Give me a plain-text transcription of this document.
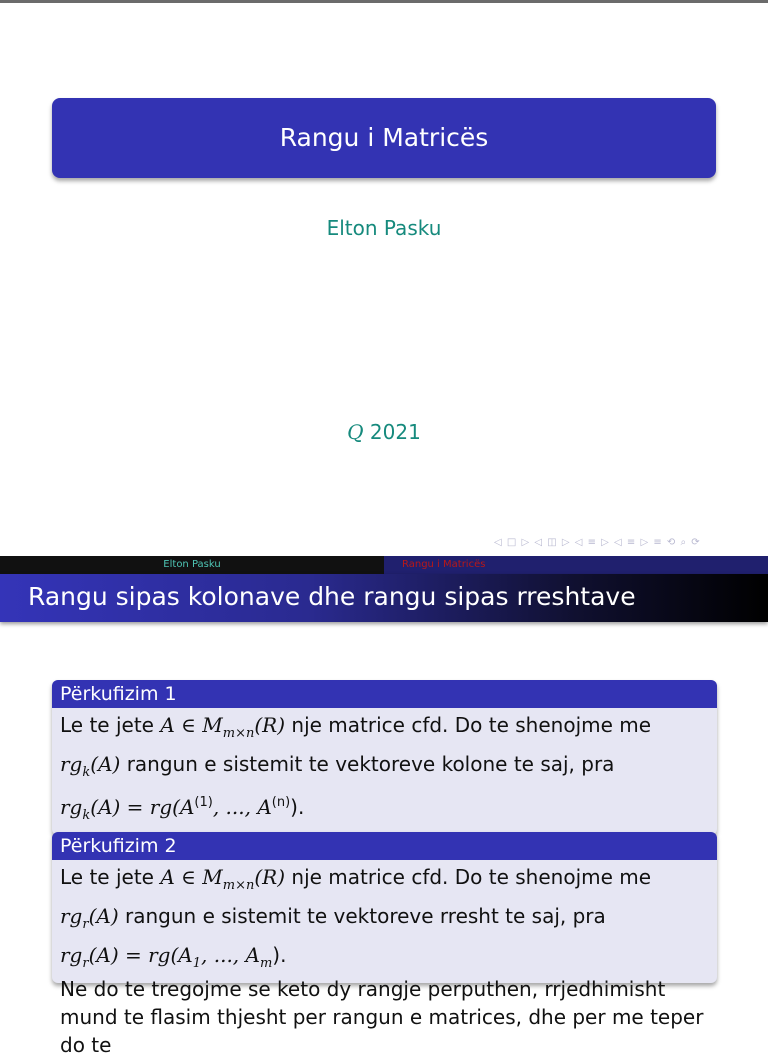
Rangu i Matricës
Elton Pasku
Q 2021
◁ □ ▷ ◁ ◫ ▷ ◁ ≡ ▷ ◁ ≡ ▷ ≡ ⟲ ⌕ ⟳
Elton Pasku	Rangu i Matricës
Rangu sipas kolonave dhe rangu sipas rreshtave
Përkufizim 1
Le te jete A ∈ $M_{m\times n}(R)$ nje matrice cfd. Do te shenojme me
$rg_k(A)$ rangun e sistemit te vektoreve kolone te saj, pra
$rg_k(A) = rg(A^{(1)}$, ..., $A^{(n)}$).
Përkufizim 2
Le te jete A ∈ $M_{m\times n}(R)$ nje matrice cfd. Do te shenojme me
$rg_r(A)$ rangun e sistemit te vektoreve rresht te saj, pra
$rg_r(A) = rg(A_1$, ..., $A_m$).
Ne do te tregojme se keto dy rangje perputhen, rrjedhimisht mund te flasim thjesht per rangun e matrices, dhe per me teper do te
